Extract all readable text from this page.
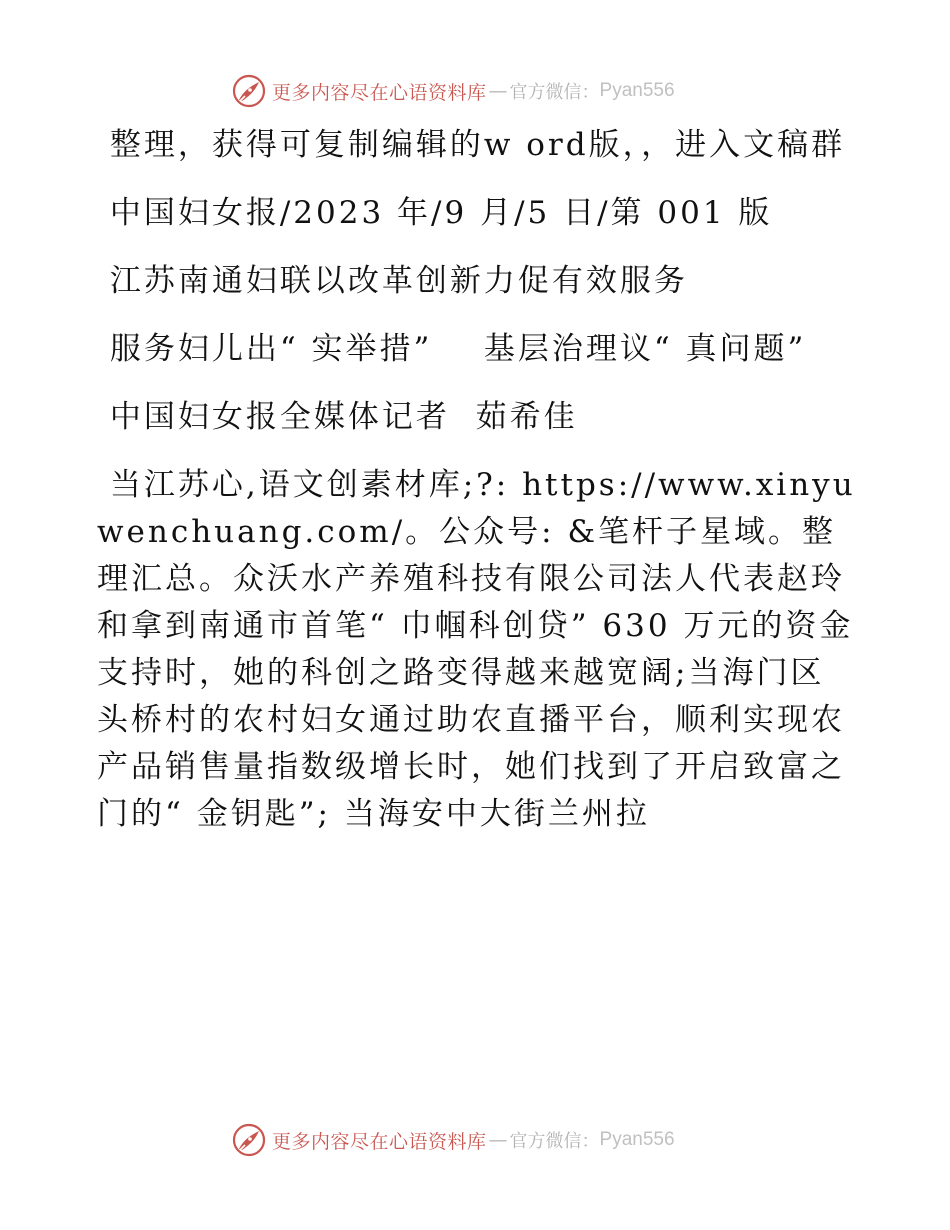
更多内容尽在心语资料库 — 官方微信： Pyan556

整理，获得可复制编辑的w ord版，，进入文稿群

中国妇女报/2023 年/9 月/5 日/第 001 版

江苏南通妇联以改革创新力促有效服务

服务妇儿出“ 实举措”    基层治理议“ 真问题”

中国妇女报全媒体记者  茹希佳

当江苏心,语文创素材库;?: https://www.xinyuwenchuang.com/。公众号: &笔杆子星域。整理汇总。众沃水产养殖科技有限公司法人代表赵玲和拿到南通市首笔“ 巾帼科创贷” 630 万元的资金支持时，她的科创之路变得越来越宽阔;当海门区头桥村的农村妇女通过助农直播平台，顺利实现农产品销售量指数级增长时，她们找到了开启致富之门的“ 金钥匙”; 当海安中大街兰州拉

更多内容尽在心语资料库 — 官方微信： Pyan556
